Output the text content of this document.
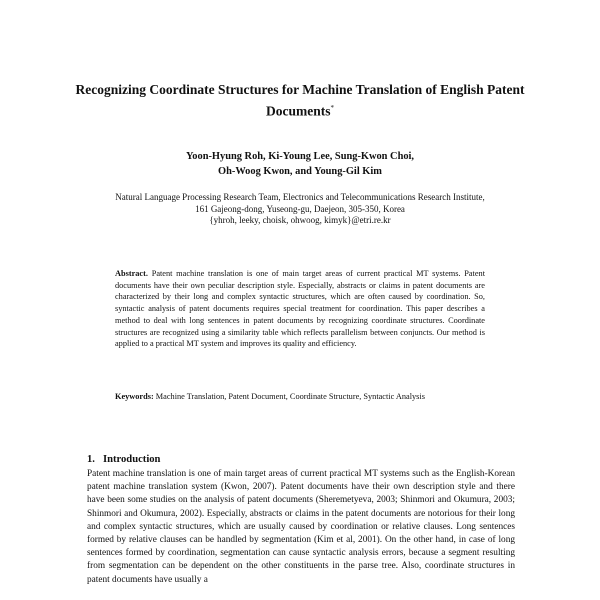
Recognizing Coordinate Structures for Machine Translation of English Patent Documents*
Yoon-Hyung Roh, Ki-Young Lee, Sung-Kwon Choi,
Oh-Woog Kwon, and Young-Gil Kim
Natural Language Processing Research Team, Electronics and Telecommunications Research Institute,
161 Gajeong-dong, Yuseong-gu, Daejeon, 305-350, Korea
{yhroh, leeky, choisk, ohwoog, kimyk}@etri.re.kr
Abstract. Patent machine translation is one of main target areas of current practical MT systems. Patent documents have their own peculiar description style. Especially, abstracts or claims in patent documents are characterized by their long and complex syntactic structures, which are often caused by coordination. So, syntactic analysis of patent documents requires special treatment for coordination. This paper describes a method to deal with long sentences in patent documents by recognizing coordinate structures. Coordinate structures are recognized using a similarity table which reflects parallelism between conjuncts. Our method is applied to a practical MT system and improves its quality and efficiency.
Keywords: Machine Translation, Patent Document, Coordinate Structure, Syntactic Analysis
1. Introduction
Patent machine translation is one of main target areas of current practical MT systems such as the English-Korean patent machine translation system (Kwon, 2007). Patent documents have their own description style and there have been some studies on the analysis of patent documents (Sheremetyeva, 2003; Shinmori and Okumura, 2003; Shinmori and Okumura, 2002). Especially, abstracts or claims in the patent documents are notorious for their long and complex syntactic structures, which are usually caused by coordination or relative clauses. Long sentences formed by relative clauses can be handled by segmentation (Kim et al, 2001). On the other hand, in case of long sentences formed by coordination, segmentation can cause syntactic analysis errors, because a segment resulting from segmentation can be dependent on the other constituents in the parse tree. Also, coordinate structures in patent documents have usually a
